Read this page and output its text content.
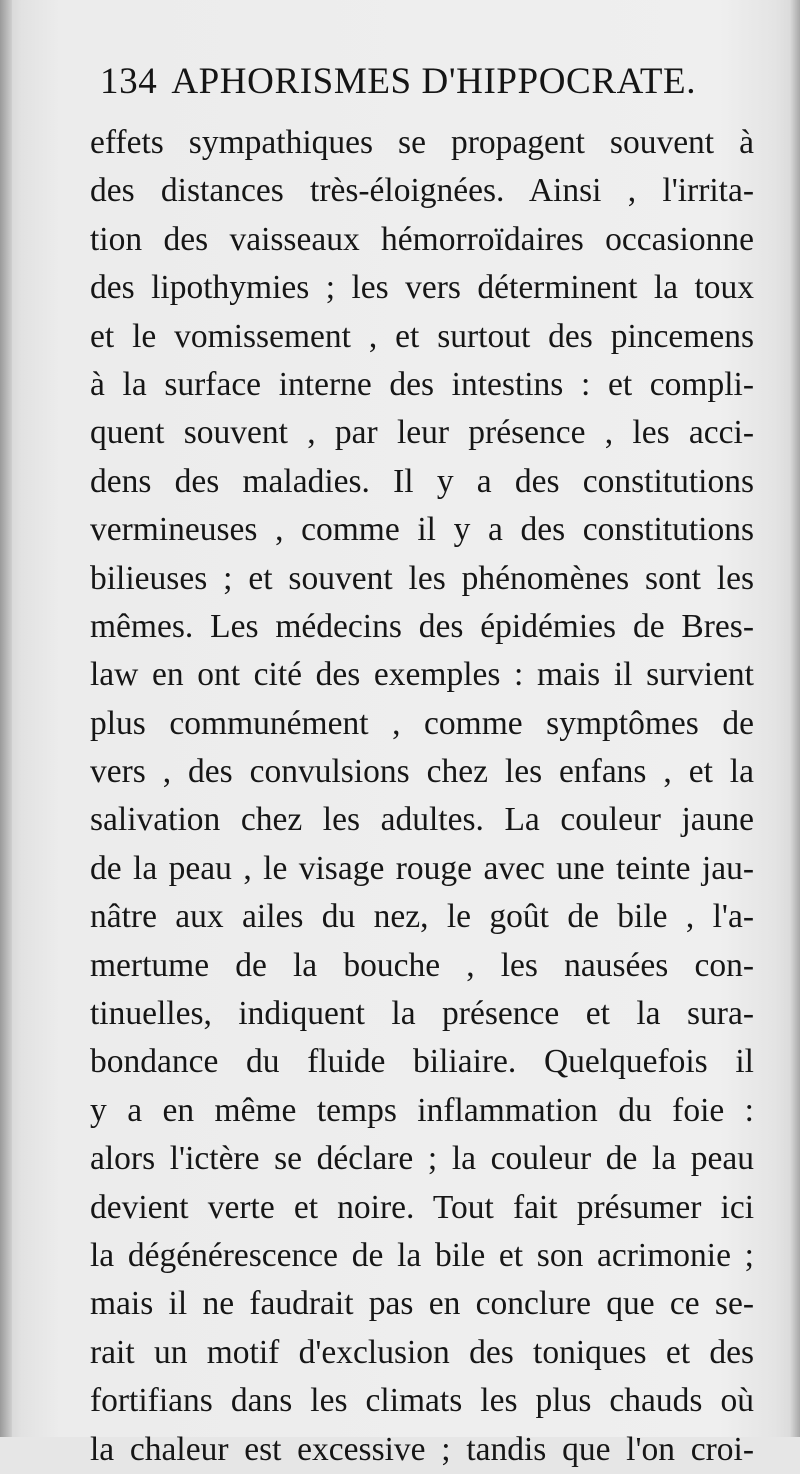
134 APHORISMES D'HIPPOCRATE.
effets sympathiques se propagent souvent à
des distances très-éloignées. Ainsi , l'irrita-
tion des vaisseaux hémorroïdaires occasionne
des lipothymies ; les vers déterminent la toux
et le vomissement , et surtout des pincemens
à la surface interne des intestins : et compli-
quent souvent , par leur présence , les acci-
dens des maladies. Il y a des constitutions
vermineuses , comme il y a des constitutions
bilieuses ; et souvent les phénomènes sont les
mêmes. Les médecins des épidémies de Bres-
law en ont cité des exemples : mais il survient
plus communément , comme symptômes de
vers , des convulsions chez les enfans , et la
salivation chez les adultes. La couleur jaune
de la peau , le visage rouge avec une teinte jau-
nâtre aux ailes du nez, le goût de bile , l'a-
mertume de la bouche , les nausées con-
tinuelles, indiquent la présence et la sura-
bondance du fluide biliaire. Quelquefois il
y a en même temps inflammation du foie :
alors l'ictère se déclare ; la couleur de la peau
devient verte et noire. Tout fait présumer ici
la dégénérescence de la bile et son acrimonie ;
mais il ne faudrait pas en conclure que ce se-
rait un motif d'exclusion des toniques et des
fortifians dans les climats les plus chauds où
la chaleur est excessive ; tandis que l'on croi-
